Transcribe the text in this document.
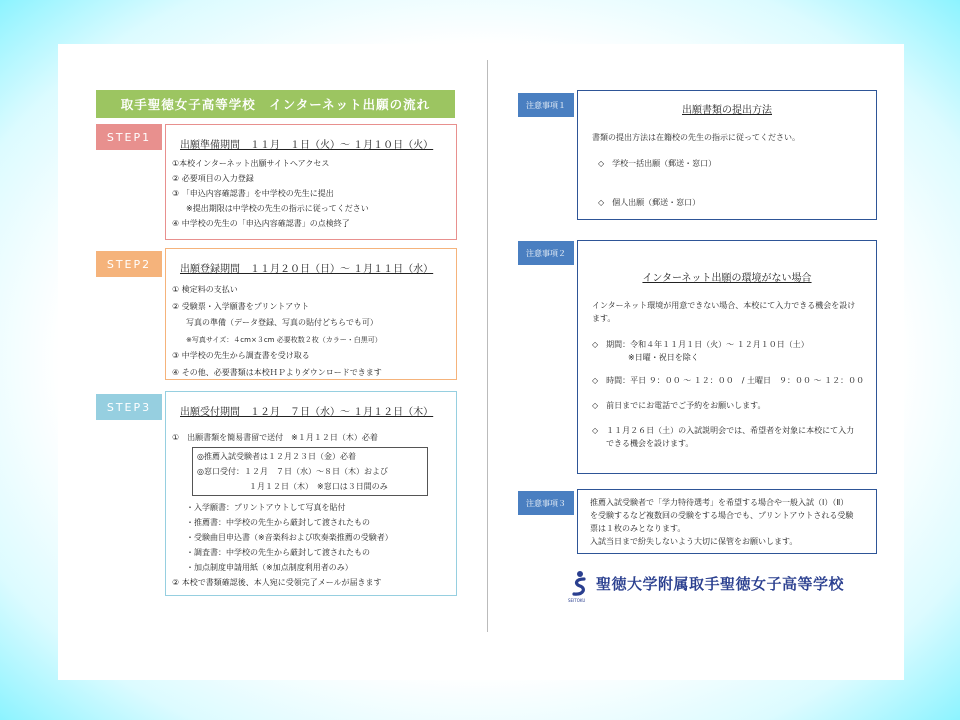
取手聖徳女子高等学校　インターネット出願の流れ
STEP1
出願準備期間　１１月　１日（火）～ １月１０日（火）
①本校インターネット出願サイトへアクセス
② 必要項目の入力登録
③ 「申込内容確認書」を中学校の先生に提出
※提出期限は中学校の先生の指示に従ってください
④ 中学校の先生の「申込内容確認書」の点検終了
STEP2	出願登録期間　１１月２０日（日）～ １月１１日（水）
① 検定料の支払い
② 受験票・入学願書をプリントアウト
写真の準備（データ登録、写真の貼付どちらでも可）
※写真サイズ：４cm×３cm 必要枚数２枚（カラー・白黒可）
③ 中学校の先生から調査書を受け取る
④ その他、必要書類は本校ＨＰよりダウンロードできます
STEP3	出願受付期間　１２月　７日（水）～ １月１２日（木）
①　出願書類を簡易書留で送付　※１月１２日（木）必着
◎推薦入試受験者は１２月２３日（金）必着
◎窓口受付：１２月　７日（水）～８日（木）および
１月１２日（木）　※窓口は３日間のみ
・入学願書：プリントアウトして写真を貼付
・推薦書：中学校の先生から厳封して渡されたもの
・受験曲目申込書（※音楽科および吹奏楽推薦の受験者）
・調査書：中学校の先生から厳封して渡されたもの
・加点制度申請用紙（※加点制度利用者のみ）
② 本校で書類確認後、本人宛に受領完了メールが届きます
注意事項１	出願書類の提出方法

書類の提出方法は在籍校の先生の指示に従ってください。

◇　学校一括出願（郵送・窓口）

◇　個人出願（郵送・窓口）

注意事項２
インターネット出願の環境がない場合

インターネット環境が用意できない場合、本校にて入力できる機会を設け

ます。

◇　期間：令和４年１１月１日（火）～ １２月１０日（土）

※日曜・祝日を除く

◇　時間：平日 ９：００ ～ １２：００　/ 土曜日　９：００ ～ １２：００

◇　前日までにお電話でご予約をお願いします。

◇　１１月２６日（土）の入試説明会では、希望者を対象に本校にて入力

できる機会を設けます。

注意事項３	推薦入試受験者で「学力特待選考」を希望する場合や一般入試（Ⅰ）（Ⅱ）

を受験するなど複数回の受験をする場合でも、プリントアウトされる受験

票は１枚のみとなります。

入試当日まで紛失しないよう大切に保管をお願いします。

SEITOKU
聖徳大学附属取手聖徳女子高等学校
